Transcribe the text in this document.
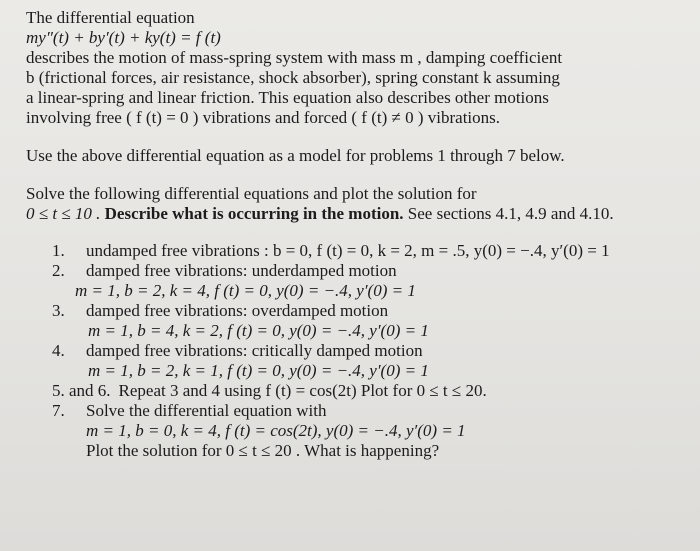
The differential equation
my″(t) + by′(t) + ky(t) = f (t)
describes the motion of mass-spring system with mass m , damping coefficient
b (frictional forces, air resistance, shock absorber), spring constant k assuming
a linear-spring and linear friction. This equation also describes other motions
involving free ( f (t) = 0 ) vibrations and forced ( f (t) ≠ 0 ) vibrations.
Use the above differential equation as a model for problems 1 through 7 below.
Solve the following differential equations and plot the solution for
0 ≤ t ≤ 10 . Describe what is occurring in the motion. See sections 4.1, 4.9 and 4.10.
1.	undamped free vibrations : b = 0, f (t) = 0, k = 2, m = .5, y(0) = −.4, y′(0) = 1
2.	damped free vibrations: underdamped motion
m = 1, b = 2, k = 4, f (t) = 0, y(0) = −.4, y′(0) = 1
3.	damped free vibrations: overdamped motion
m = 1, b = 4, k = 2, f (t) = 0, y(0) = −.4, y′(0) = 1
4.	damped free vibrations: critically damped motion
m = 1, b = 2, k = 1, f (t) = 0, y(0) = −.4, y′(0) = 1
5. and 6. Repeat 3 and 4 using f (t) = cos(2t) Plot for 0 ≤ t ≤ 20.
7.	Solve the differential equation with
m = 1, b = 0, k = 4, f (t) = cos(2t), y(0) = −.4, y′(0) = 1
Plot the solution for 0 ≤ t ≤ 20 . What is happening?
